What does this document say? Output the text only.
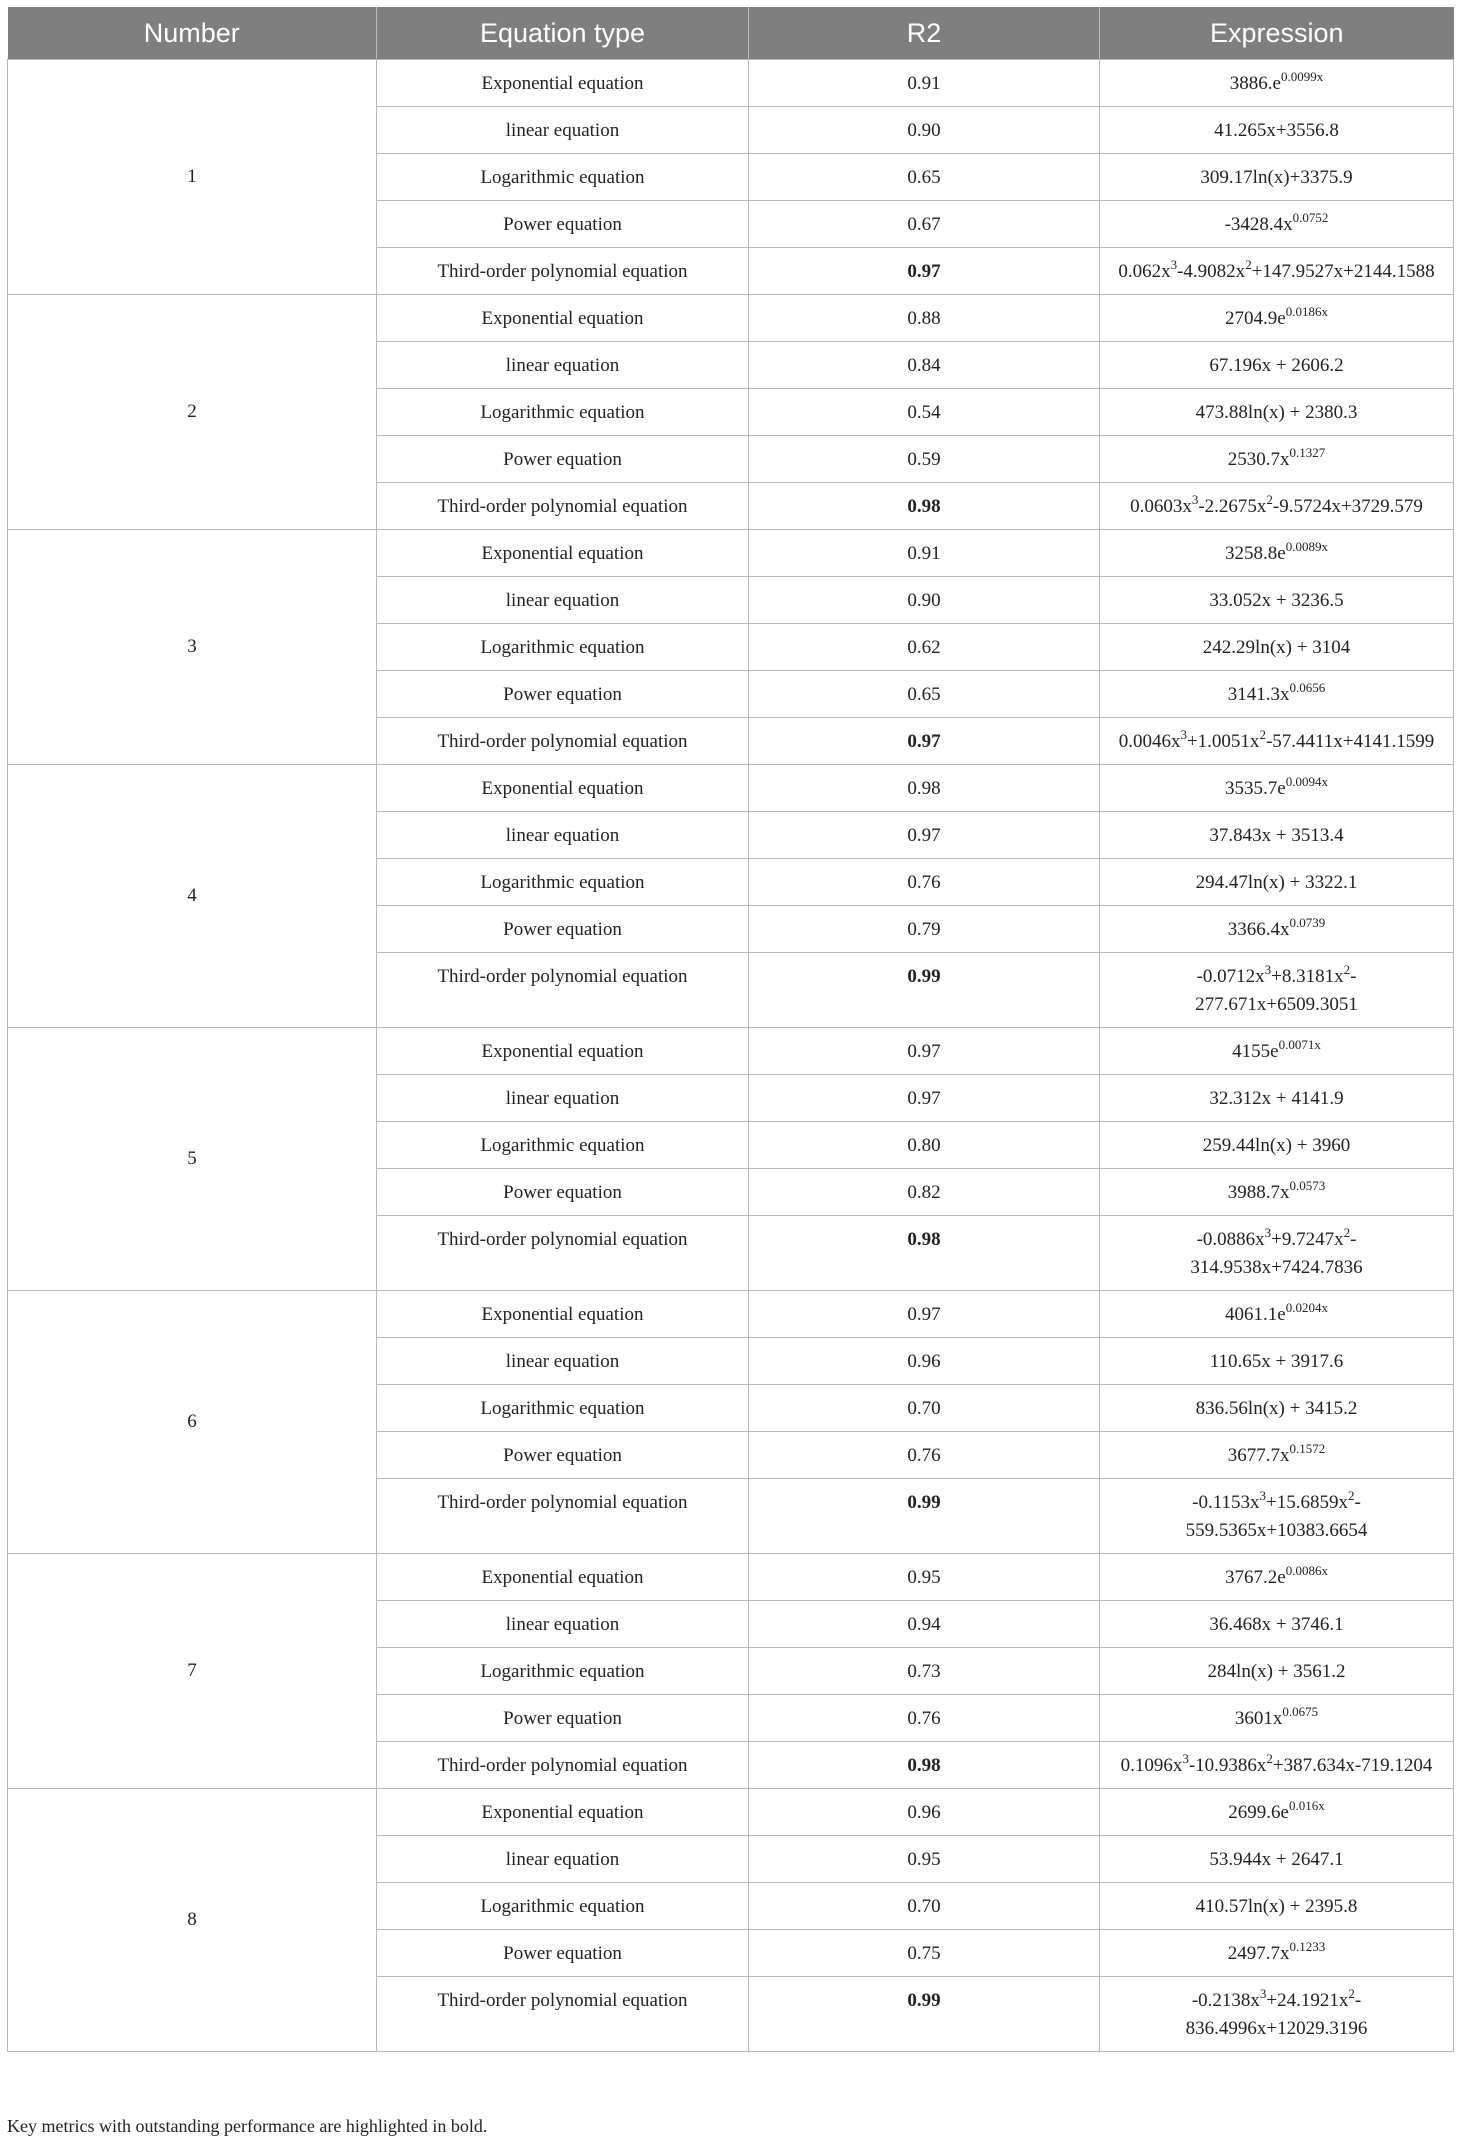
Number	Equation type	R2	Expression
1	Exponential equation	0.91	$3886.e^{0.0099x}$
	linear equation	0.90	41.265x+3556.8
	Logarithmic equation	0.65	309.17ln(x)+3375.9
	Power equation	0.67	$-3428.4x^{0.0752}$
	Third-order polynomial equation	0.97	$0.062x^3-4.9082x^2+147.9527x+2144.1588$
2	Exponential equation	0.88	$2704.9e^{0.0186x}$
	linear equation	0.84	67.196x + 2606.2
	Logarithmic equation	0.54	473.88ln(x) + 2380.3
	Power equation	0.59	$2530.7x^{0.1327}$
	Third-order polynomial equation	0.98	$0.0603x^3-2.2675x^2-9.5724x+3729.579$
3	Exponential equation	0.91	$3258.8e^{0.0089x}$
	linear equation	0.90	33.052x + 3236.5
	Logarithmic equation	0.62	242.29ln(x) + 3104
	Power equation	0.65	$3141.3x^{0.0656}$
	Third-order polynomial equation	0.97	$0.0046x^3+1.0051x^2-57.4411x+4141.1599$
4	Exponential equation	0.98	$3535.7e^{0.0094x}$
	linear equation	0.97	37.843x + 3513.4
	Logarithmic equation	0.76	294.47ln(x) + 3322.1
	Power equation	0.79	$3366.4x^{0.0739}$
	Third-order polynomial equation	0.99	$-0.0712x^3+8.3181x^2-$
277.671x+6509.3051
5	Exponential equation	0.97	$4155e^{0.0071x}$
	linear equation	0.97	32.312x + 4141.9
	Logarithmic equation	0.80	259.44ln(x) + 3960
	Power equation	0.82	$3988.7x^{0.0573}$
	Third-order polynomial equation	0.98	$-0.0886x^3+9.7247x^2-$
314.9538x+7424.7836
6	Exponential equation	0.97	$4061.1e^{0.0204x}$
	linear equation	0.96	110.65x + 3917.6
	Logarithmic equation	0.70	836.56ln(x) + 3415.2
	Power equation	0.76	$3677.7x^{0.1572}$
	Third-order polynomial equation	0.99	$-0.1153x^3+15.6859x^2-$
559.5365x+10383.6654
7	Exponential equation	0.95	$3767.2e^{0.0086x}$
	linear equation	0.94	36.468x + 3746.1
	Logarithmic equation	0.73	284ln(x) + 3561.2
	Power equation	0.76	$3601x^{0.0675}$
	Third-order polynomial equation	0.98	$0.1096x^3-10.9386x^2+387.634x-719.1204$
8	Exponential equation	0.96	$2699.6e^{0.016x}$
	linear equation	0.95	53.944x + 2647.1
	Logarithmic equation	0.70	410.57ln(x) + 2395.8
	Power equation	0.75	$2497.7x^{0.1233}$
	Third-order polynomial equation	0.99	$-0.2138x^3+24.1921x^2-$
836.4996x+12029.3196
Key metrics with outstanding performance are highlighted in bold.
